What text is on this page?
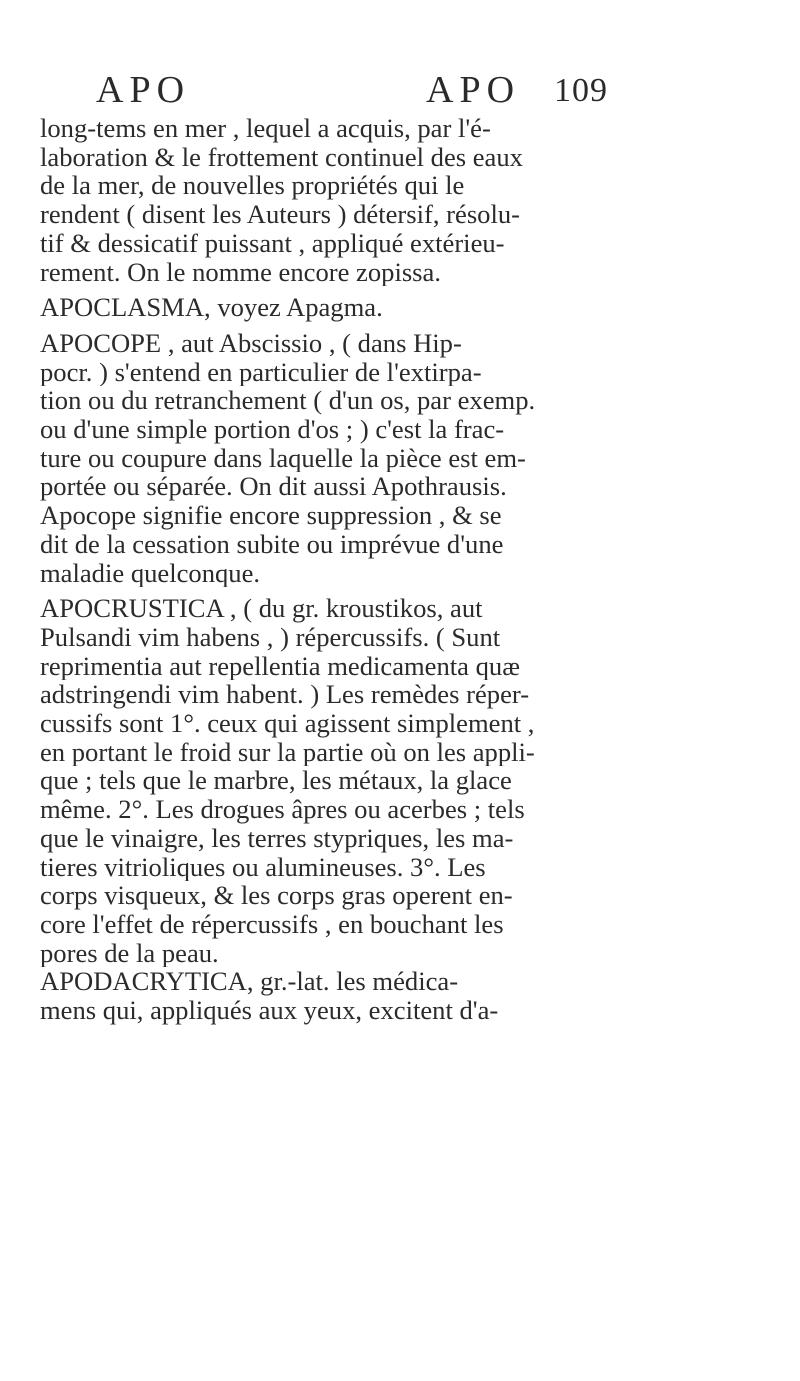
APO	APO 109

long-tems en mer , lequel a acquis, par l'é-
laboration & le frottement continuel des eaux
de la mer, de nouvelles propriétés qui le
rendent ( disent les Auteurs ) détersif, résolu-
tif & dessicatif puissant , appliqué extérieu-
rement. On le nomme encore zopissa.

APOCLASMA, voyez Apagma.

APOCOPE , aut Abscissio , ( dans Hip-
pocr. ) s'entend en particulier de l'extirpa-
tion ou du retranchement ( d'un os, par exemp.
ou d'une simple portion d'os ; ) c'est la frac-
ture ou coupure dans laquelle la pièce est em-
portée ou séparée. On dit aussi Apothrausis.
Apocope signifie encore suppression , & se
dit de la cessation subite ou imprévue d'une
maladie quelconque.

APOCRUSTICA , ( du gr. kroustikos, aut
Pulsandi vim habens , ) répercussifs. ( Sunt
reprimentia aut repellentia medicamenta quæ
adstringendi vim habent. ) Les remèdes réper-
cussifs sont 1°. ceux qui agissent simplement ,
en portant le froid sur la partie où on les appli-
que ; tels que le marbre, les métaux, la glace
même. 2°. Les drogues âpres ou acerbes ; tels
que le vinaigre, les terres stypriques, les ma-
tieres vitrioliques ou alumineuses. 3°. Les
corps visqueux, & les corps gras operent en-
core l'effet de répercussifs , en bouchant les
pores de la peau.

APODACRYTICA, gr.-lat. les médica-
mens qui, appliqués aux yeux, excitent d'a-
